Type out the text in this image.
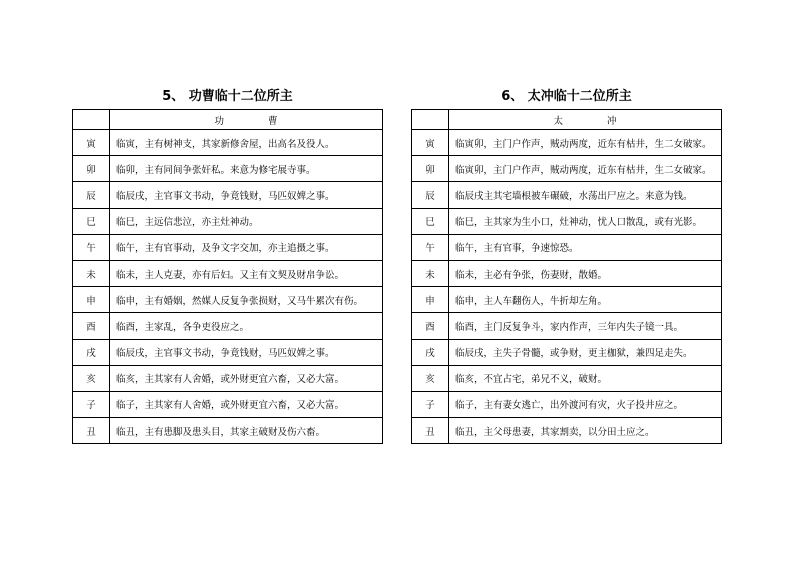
5、 功曹临十二位所主
	功 曹
寅	临寅，主有树神支，其家新修舍屋，出高名及役人。
卯	临卯，主有同间争张奸私。来意为修宅展寺事。
辰	临辰戌，主官事文书动，争竟钱财，马匹奴婢之事。
巳	临巳，主远信悲泣，亦主灶神动。
午	临午，主有官事动，及争文字交加，亦主追摄之事。
未	临未，主人克妻，亦有后妇。又主有文契及财帛争讼。
申	临申，主有婚姻，然媒人反复争张损财，又马牛累次有伤。
酉	临酉，主家乱，各争吏役应之。
戌	临辰戌，主官事文书动，争竟钱财，马匹奴婢之事。
亥	临亥，主其家有人舍婚，或外财更宜六畜，又必大富。
子	临子，主其家有人舍婚，或外财更宜六畜，又必大富。
丑	临丑，主有患脚及患头目，其家主破财及伤六畜。
6、 太冲临十二位所主
	太 冲
寅	临寅卯，主门户作声，贼动两度，近东有枯井，生二女破家。
卯	临寅卯，主门户作声，贼动两度，近东有枯井，生二女破家。
辰	临辰戌主其宅墙根被车碾破，水荡出尸应之。来意为钱。
巳	临巳，主其家为生小口，灶神动，忧人口散乱，或有光影。
午	临午，主有官事，争速惊恐。
未	临未，主必有争张，伤妻财，散婚。
申	临申，主人车翻伤人，牛折却左角。
酉	临酉，主门反复争斗，家内作声，三年内失子镜一具。
戌	临辰戌，主失子骨髓，或争财，更主枷狱，兼四足走失。
亥	临亥，不宜占宅，弟兄不义，破财。
子	临子，主有妻女逃亡，出外渡河有灾，火子投井应之。
丑	临丑，主父母患妻，其家割卖，以分田土应之。
